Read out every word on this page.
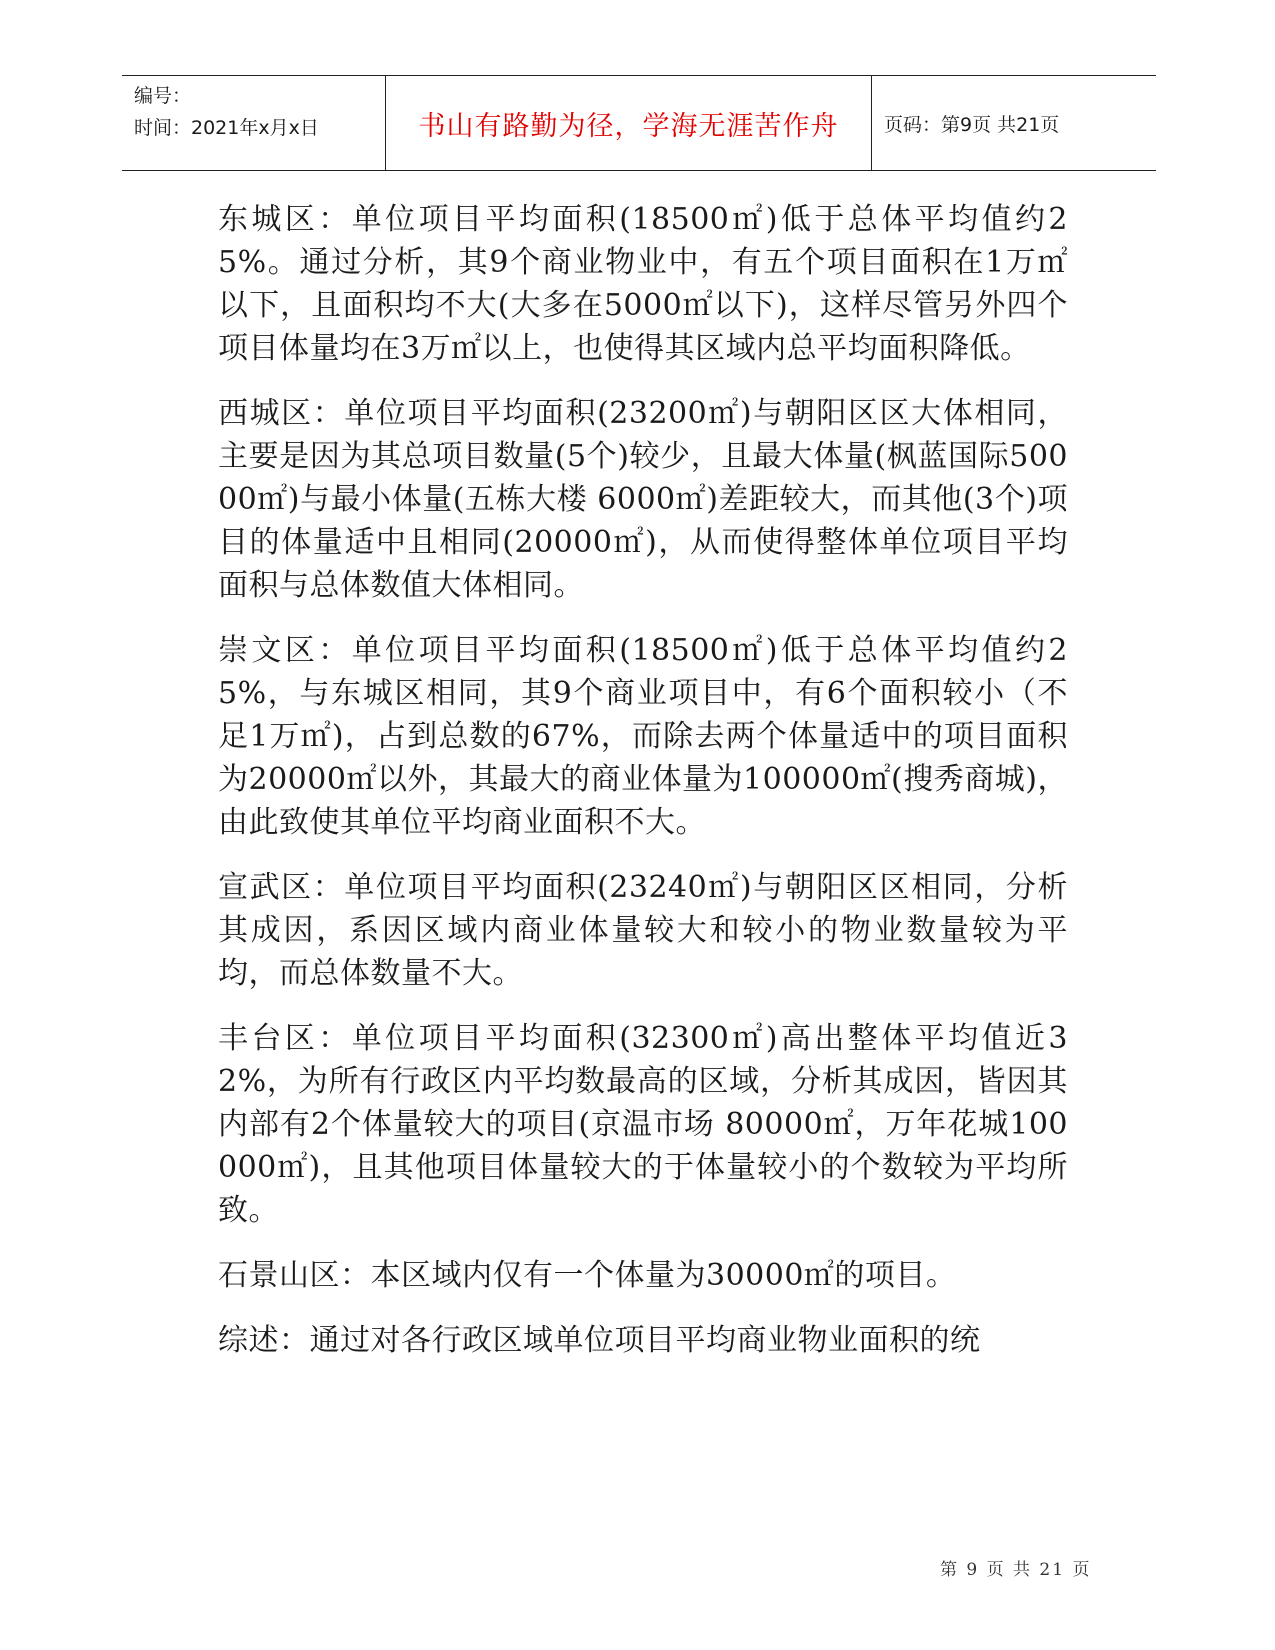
编号：
时间：2021年x月x日	书山有路勤为径，学海无涯苦作舟 页码：第9页 共21页

东城区：单位项目平均面积(18500㎡)低于总体平均值约25%。通过分析，其9个商业物业中，有五个项目面积在1万㎡以下，且面积均不大(大多在5000㎡以下)，这样尽管另外四个项目体量均在3万㎡以上，也使得其区域内总平均面积降低。

西城区：单位项目平均面积(23200㎡)与朝阳区区大体相同，主要是因为其总项目数量(5个)较少，且最大体量(枫蓝国际50000㎡)与最小体量(五栋大楼 6000㎡)差距较大，而其他(3个)项目的体量适中且相同(20000㎡)，从而使得整体单位项目平均面积与总体数值大体相同。

崇文区：单位项目平均面积(18500㎡)低于总体平均值约25%，与东城区相同，其9个商业项目中，有6个面积较小（不足1万㎡)，占到总数的67%，而除去两个体量适中的项目面积为20000㎡以外，其最大的商业体量为100000㎡(搜秀商城)，由此致使其单位平均商业面积不大。

宣武区：单位项目平均面积(23240㎡)与朝阳区区相同，分析其成因，系因区域内商业体量较大和较小的物业数量较为平均，而总体数量不大。

丰台区：单位项目平均面积(32300㎡)高出整体平均值近32%，为所有行政区内平均数最高的区域，分析其成因，皆因其内部有2个体量较大的项目(京温市场 80000㎡，万年花城100000㎡)，且其他项目体量较大的于体量较小的个数较为平均所致。

石景山区：本区域内仅有一个体量为30000㎡的项目。

综述：通过对各行政区域单位项目平均商业物业面积的统

第 9 页 共 21 页
